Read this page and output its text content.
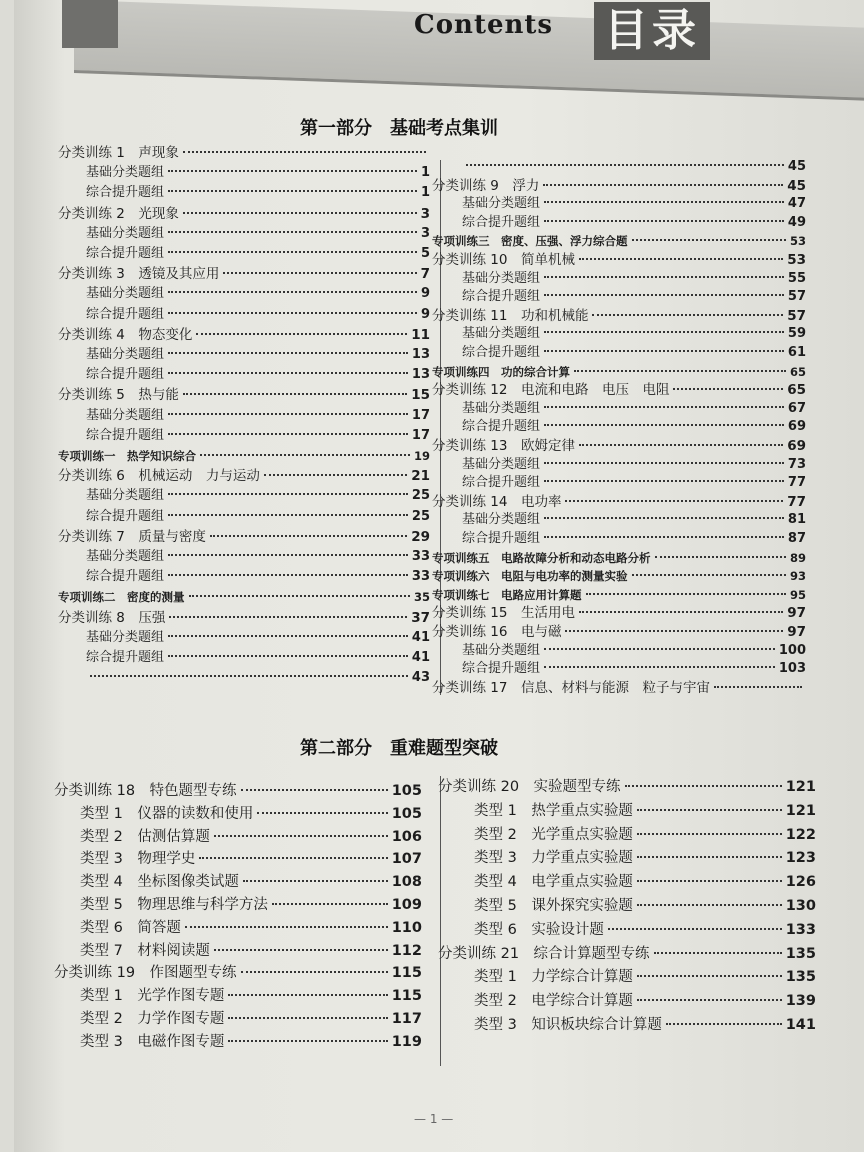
Contents 目录
第一部分　基础考点集训
分类训练 1　声现象
基础分类题组	1
综合提升题组	1
分类训练 2　光现象	3
基础分类题组	3
综合提升题组	5
分类训练 3　透镜及其应用	7
基础分类题组	9
综合提升题组	9
分类训练 4　物态变化	11
基础分类题组	13
综合提升题组	13
分类训练 5　热与能	15
基础分类题组	17
综合提升题组	17
专项训练一　热学知识综合	19
分类训练 6　机械运动　力与运动	21
基础分类题组	25
综合提升题组	25
分类训练 7　质量与密度	29
基础分类题组	33
综合提升题组	33
专项训练二　密度的测量	35
分类训练 8　压强	37
基础分类题组	41
综合提升题组	41
43
45
分类训练 9　浮力	45
基础分类题组	47
综合提升题组	49
专项训练三　密度、压强、浮力综合题	53
分类训练 10　简单机械	53
基础分类题组	55
综合提升题组	57
分类训练 11　功和机械能	57
基础分类题组	59
综合提升题组	61
专项训练四　功的综合计算	65
分类训练 12　电流和电路　电压　电阻	65
基础分类题组	67
综合提升题组	69
分类训练 13　欧姆定律	69
基础分类题组	73
综合提升题组	77
分类训练 14　电功率	77
基础分类题组	81
综合提升题组	87
专项训练五　电路故障分析和动态电路分析	89
专项训练六　电阻与电功率的测量实验	93
专项训练七　电路应用计算题	95
分类训练 15　生活用电	97
分类训练 16　电与磁	97
基础分类题组	100
综合提升题组	103
分类训练 17　信息、材料与能源　粒子与宇宙
第二部分　重难题型突破
分类训练 18　特色题型专练	105
类型 1　仪器的读数和使用	105
类型 2　估测估算题	106
类型 3　物理学史	107
类型 4　坐标图像类试题	108
类型 5　物理思维与科学方法	109
类型 6　简答题	110
类型 7　材料阅读题	112
分类训练 19　作图题型专练	115
类型 1　光学作图专题	115
类型 2　力学作图专题	117
类型 3　电磁作图专题	119
分类训练 20　实验题型专练	121
类型 1　热学重点实验题	121
类型 2　光学重点实验题	122
类型 3　力学重点实验题	123
类型 4　电学重点实验题	126
类型 5　课外探究实验题	130
类型 6　实验设计题	133
分类训练 21　综合计算题型专练	135
类型 1　力学综合计算题	135
类型 2　电学综合计算题	139
类型 3　知识板块综合计算题	141
— 1 —
